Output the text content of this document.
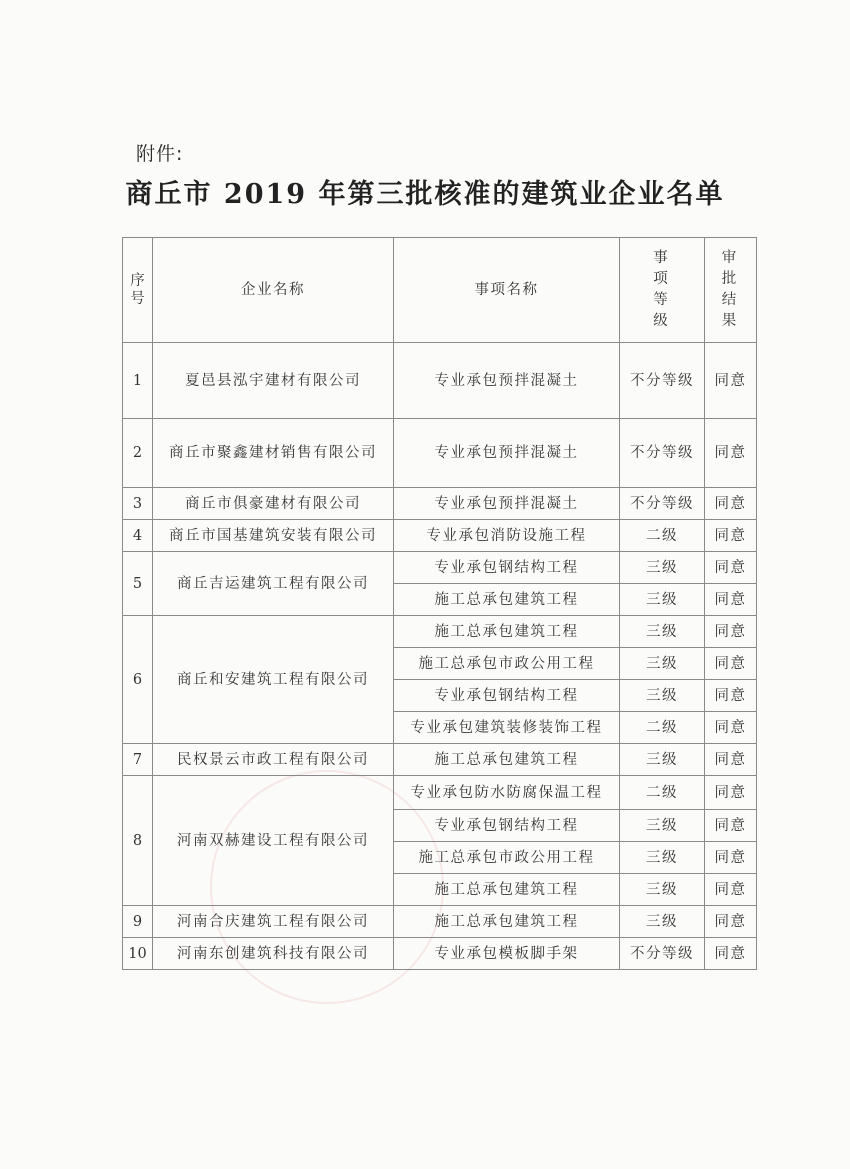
附件:
商丘市 2019 年第三批核准的建筑业企业名单
序号	企业名称	事项名称	事项等级	审批结果
1	夏邑县泓宇建材有限公司	专业承包预拌混凝土	不分等级	同意
2	商丘市聚鑫建材销售有限公司	专业承包预拌混凝土	不分等级	同意
3	商丘市俱豪建材有限公司	专业承包预拌混凝土	不分等级	同意
4	商丘市国基建筑安装有限公司	专业承包消防设施工程	二级	同意
5	商丘吉运建筑工程有限公司	专业承包钢结构工程	三级	同意
		施工总承包建筑工程	三级	同意
6	商丘和安建筑工程有限公司	施工总承包建筑工程	三级	同意
		施工总承包市政公用工程	三级	同意
		专业承包钢结构工程	三级	同意
		专业承包建筑装修装饰工程	二级	同意
7	民权景云市政工程有限公司	施工总承包建筑工程	三级	同意
8	河南双赫建设工程有限公司	专业承包防水防腐保温工程	二级	同意
		专业承包钢结构工程	三级	同意
		施工总承包市政公用工程	三级	同意
		施工总承包建筑工程	三级	同意
9	河南合庆建筑工程有限公司	施工总承包建筑工程	三级	同意
10	河南东创建筑科技有限公司	专业承包模板脚手架	不分等级	同意
